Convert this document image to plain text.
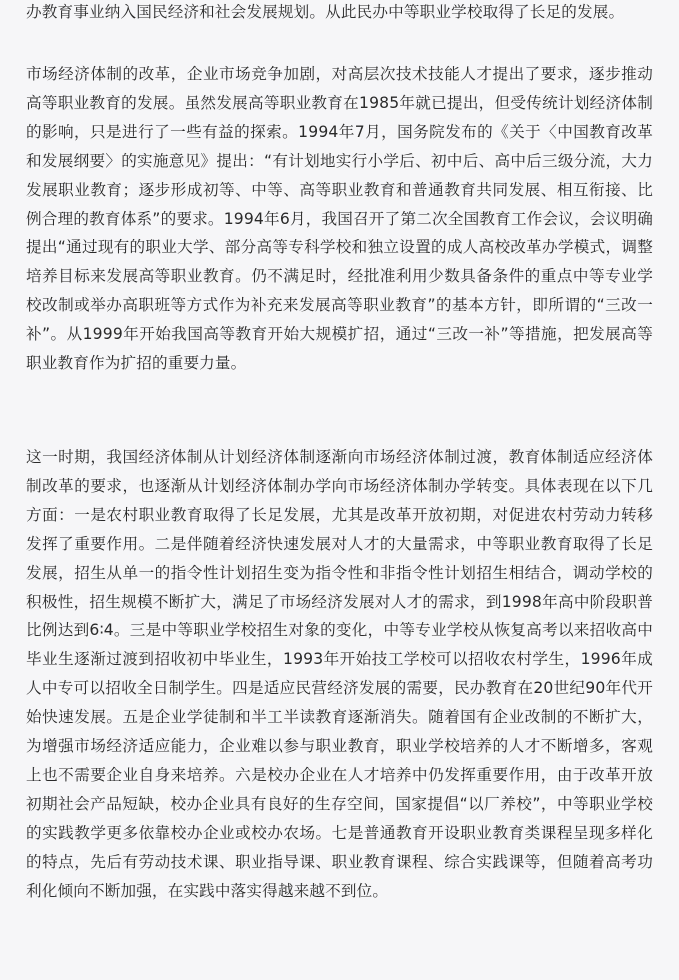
办教育事业纳入国民经济和社会发展规划。从此民办中等职业学校取得了长足的发展。

市场经济体制的改革，企业市场竞争加剧，对高层次技术技能人才提出了要求，逐步推动高等职业教育的发展。虽然发展高等职业教育在1985年就已提出，但受传统计划经济体制的影响，只是进行了一些有益的探索。1994年7月，国务院发布的《关于〈中国教育改革和发展纲要〉的实施意见》提出：“有计划地实行小学后、初中后、高中后三级分流，大力发展职业教育；逐步形成初等、中等、高等职业教育和普通教育共同发展、相互衔接、比例合理的教育体系”的要求。1994年6月，我国召开了第二次全国教育工作会议，会议明确提出“通过现有的职业大学、部分高等专科学校和独立设置的成人高校改革办学模式，调整培养目标来发展高等职业教育。仍不满足时，经批准利用少数具备条件的重点中等专业学校改制或举办高职班等方式作为补充来发展高等职业教育”的基本方针，即所谓的“三改一补”。从1999年开始我国高等教育开始大规模扩招，通过“三改一补”等措施，把发展高等职业教育作为扩招的重要力量。

这一时期，我国经济体制从计划经济体制逐渐向市场经济体制过渡，教育体制适应经济体制改革的要求，也逐渐从计划经济体制办学向市场经济体制办学转变。具体表现在以下几方面：一是农村职业教育取得了长足发展，尤其是改革开放初期，对促进农村劳动力转移发挥了重要作用。二是伴随着经济快速发展对人才的大量需求，中等职业教育取得了长足发展，招生从单一的指令性计划招生变为指令性和非指令性计划招生相结合，调动学校的积极性，招生规模不断扩大，满足了市场经济发展对人才的需求，到1998年高中阶段职普比例达到6∶4。三是中等职业学校招生对象的变化，中等专业学校从恢复高考以来招收高中毕业生逐渐过渡到招收初中毕业生，1993年开始技工学校可以招收农村学生，1996年成人中专可以招收全日制学生。四是适应民营经济发展的需要，民办教育在20世纪90年代开始快速发展。五是企业学徒制和半工半读教育逐渐消失。随着国有企业改制的不断扩大，为增强市场经济适应能力，企业难以参与职业教育，职业学校培养的人才不断增多，客观上也不需要企业自身来培养。六是校办企业在人才培养中仍发挥重要作用，由于改革开放初期社会产品短缺，校办企业具有良好的生存空间，国家提倡“以厂养校”，中等职业学校的实践教学更多依靠校办企业或校办农场。七是普通教育开设职业教育类课程呈现多样化的特点，先后有劳动技术课、职业指导课、职业教育课程、综合实践课等，但随着高考功利化倾向不断加强，在实践中落实得越来越不到位。
